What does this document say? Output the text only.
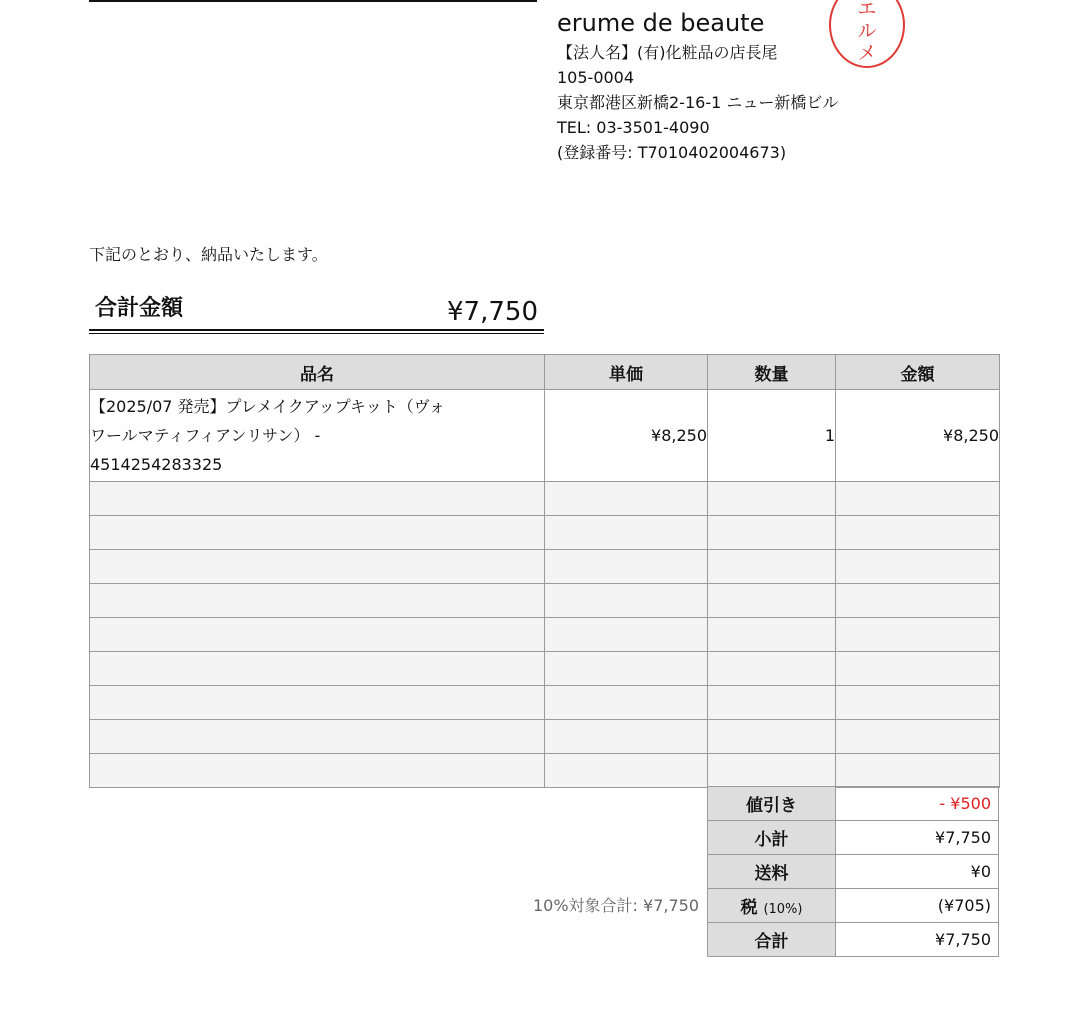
erume de beaute
【法人名】(有)化粧品の店長尾
105-0004
東京都港区新橋2-16-1 ニュー新橋ビル
TEL: 03-3501-4090
(登録番号: T7010402004673)
エ
ル
メ
下記のとおり、納品いたします。
合計金額	¥7,750
品名	単価	数量	金額

【2025/07 発売】プレメイクアップキット（ヴォ
ワールマティフィアンリサン） -
4514254283325	¥8,250	1	¥8,250

10%対象合計: ¥7,750
値引き	- ¥500
小計	¥7,750
送料	¥0
税 (10%)	(¥705)
合計	¥7,750
